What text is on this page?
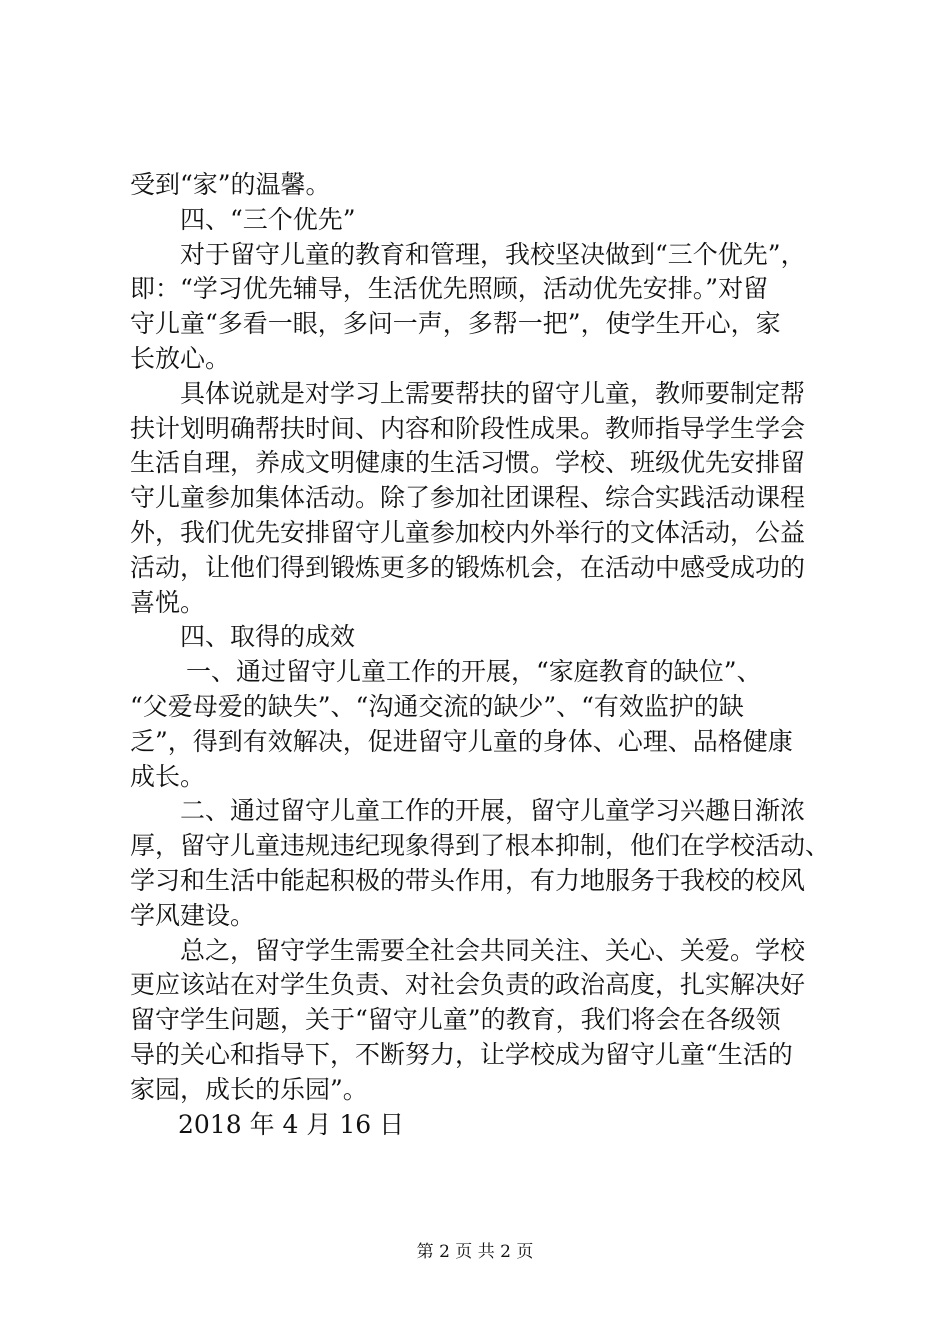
受到“家”的温馨。
四、“三个优先”
对于留守儿童的教育和管理，我校坚决做到“三个优先”，
即：“学习优先辅导，生活优先照顾，活动优先安排。”对留
守儿童“多看一眼，多问一声，多帮一把”，使学生开心，家
长放心。
具体说就是对学习上需要帮扶的留守儿童，教师要制定帮
扶计划明确帮扶时间、内容和阶段性成果。教师指导学生学会
生活自理，养成文明健康的生活习惯。学校、班级优先安排留
守儿童参加集体活动。除了参加社团课程、综合实践活动课程
外，我们优先安排留守儿童参加校内外举行的文体活动，公益
活动，让他们得到锻炼更多的锻炼机会，在活动中感受成功的
喜悦。
四、取得的成效
一、通过留守儿童工作的开展，“家庭教育的缺位”、
“父爱母爱的缺失”、“沟通交流的缺少”、“有效监护的缺
乏”，得到有效解决，促进留守儿童的身体、心理、品格健康
成长。
二、通过留守儿童工作的开展，留守儿童学习兴趣日渐浓
厚，留守儿童违规违纪现象得到了根本抑制，他们在学校活动、
学习和生活中能起积极的带头作用，有力地服务于我校的校风
学风建设。
总之，留守学生需要全社会共同关注、关心、关爱。学校
更应该站在对学生负责、对社会负责的政治高度，扎实解决好
留守学生问题，关于“留守儿童”的教育，我们将会在各级领
导的关心和指导下，不断努力，让学校成为留守儿童“生活的
家园，成长的乐园”。
2018 年 4 月 16 日
第 2 页 共 2 页
